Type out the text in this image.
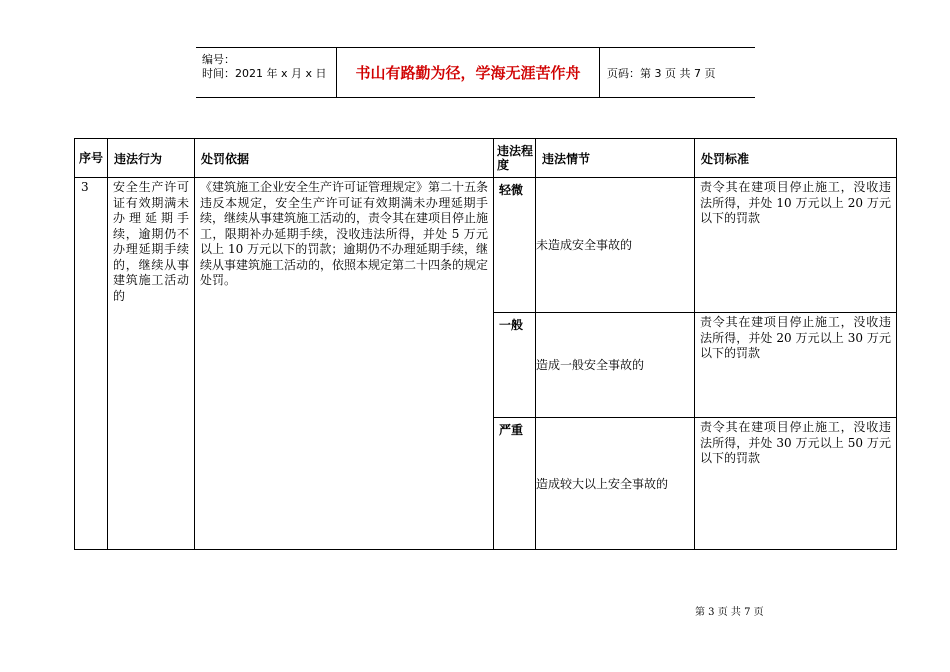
编号：
时间：2021 年 x 月 x 日	书山有路勤为径，学海无涯苦作舟	页码：第 3 页 共 7 页
序号	违法行为	处罚依据	违法程度	违法情节	处罚标准

3	安全生产许可证有效期满未办理延期手续，逾期仍不办理延期手续的，继续从事建筑施工活动的	《建筑施工企业安全生产许可证管理规定》第二十五条　违反本规定，安全生产许可证有效期满未办理延期手续，继续从事建筑施工活动的，责令其在建项目停止施工，限期补办延期手续，没收违法所得，并处 5 万元以上 10 万元以下的罚款；逾期仍不办理延期手续，继续从事建筑施工活动的，依照本规定第二十四条的规定处罚。	轻微	未造成安全事故的	责令其在建项目停止施工，没收违法所得，并处 10 万元以上 20 万元以下的罚款

			一般	造成一般安全事故的	责令其在建项目停止施工，没收违法所得，并处 20 万元以上 30 万元以下的罚款

			严重	造成较大以上安全事故的	责令其在建项目停止施工，没收违法所得，并处 30 万元以上 50 万元以下的罚款
第 3 页 共 7 页
